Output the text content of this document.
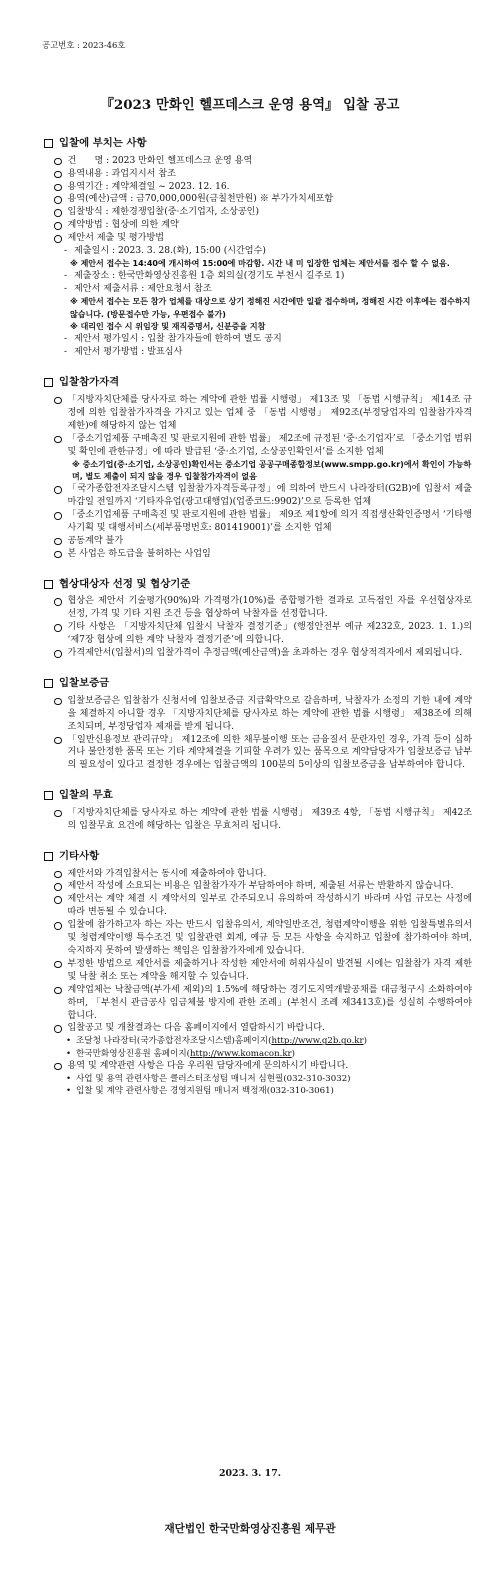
공고번호 : 2023-46호
『2023 만화인 헬프데스크 운영 용역』 입찰 공고
입찰에 부치는 사항
건　　명 : 2023 만화인 헬프데스크 운영 용역
용역내용 : 과업지시서 참조
용역기간 : 계약체결일 ~ 2023. 12. 16.
용역(예산)금액 : 금70,000,000원(금칠천만원) ※ 부가가치세포함
입찰방식 : 제한경쟁입찰(중·소기업자, 소상공인)
계약방법 : 협상에 의한 계약
제안서 제출 및 평가방법
- 제출일시 : 2023. 3. 28.(화), 15:00 (시간엄수)
※ 제안서 접수는 14:40에 개시하여 15:00에 마감함. 시간 내 미 입장한 업체는 제안서를 접수 할 수 없음.
- 제출장소 : 한국만화영상진흥원 1층 회의실(경기도 부천시 길주로 1)
- 제안서 제출서류 : 제안요청서 참조
※ 제안서 접수는 모든 참가 업체를 대상으로 상기 정해진 시간에만 일괄 접수하며, 정해진 시간 이후에는 접수하지 않습니다. (방문접수만 가능, 우편접수 불가)
※ 대리인 접수 시 위임장 및 재직증명서, 신분증을 지참
- 제안서 평가일시 : 입찰 참가자들에 한하여 별도 공지
- 제안서 평가방법 : 발표심사
입찰참가자격
「지방자치단체를 당사자로 하는 계약에 관한 법률 시행령」 제13조 및 「동법 시행규칙」 제14조 규정에 의한 입찰참가자격을 가지고 있는 업체 중 「동법 시행령」 제92조(부정당업자의 입찰참가자격제한)에 해당하지 않는 업체
「중소기업제품 구매촉진 및 판로지원에 관한 법률」 제2조에 규정된 ‘중·소기업자’로 「중소기업 범위 및 확인에 관한규정」에 따라 발급된 ‘중·소기업, 소상공인확인서’를 소지한 업체
※ 중소기업(중·소기업, 소상공인)확인서는 중소기업 공공구매종합정보(www.smpp.go.kr)에서 확인이 가능하며, 별도 제출이 되지 않을 경우 입찰참가자격이 없음
「국가종합전자조달시스템 입찰참가자격등록규정」에 의하여 반드시 나라장터(G2B)에 입찰서 제출 마감일 전일까지 ‘기타자유업(광고대행업)(업종코드:9902)’으로 등록한 업체
「중소기업제품 구매촉진 및 판로지원에 관한 법률」 제9조 제1항에 의거 직접생산확인증명서 ‘기타행사기획 및 대행서비스(세부품명번호: 801419001)’를 소지한 업체
공동계약 불가
본 사업은 하도급을 불허하는 사업임
협상대상자 선정 및 협상기준
협상은 제안서 기술평가(90%)와 가격평가(10%)를 종합평가한 결과로 고득점인 자를 우선협상자로 선정, 가격 및 기타 지원 조건 등을 협상하여 낙찰자를 선정합니다.
기타 사항은 「지방자치단체 입찰시 낙찰자 결정기준」(행정안전부 예규 제232호, 2023. 1. 1.)의 ‘제7장 협상에 의한 계약 낙찰자 결정기준’에 의합니다.
가격제안서(입찰서)의 입찰가격이 추정금액(예산금액)을 초과하는 경우 협상적격자에서 제외됩니다.
입찰보증금
입찰보증금은 입찰참가 신청서에 입찰보증금 지급확약으로 갈음하며, 낙찰자가 소정의 기한 내에 계약을 체결하지 아니할 경우 「지방자치단체를 당사자로 하는 계약에 관한 법률 시행령」 제38조에 의해 조치되며, 부정당업자 제재를 받게 됩니다.
「일반신용정보 관리규약」 제12조에 의한 채무불이행 또는 금융질서 문란자인 경우, 가격 등이 심하거나 불안정한 품목 또는 기타 계약체결을 기피할 우려가 있는 품목으로 계약담당자가 입찰보증금 납부의 필요성이 있다고 결정한 경우에는 입찰금액의 100분의 5이상의 입찰보증금을 납부하여야 합니다.
입찰의 무효
「지방자치단체를 당사자로 하는 계약에 관한 법률 시행령」 제39조 4항, 「동법 시행규칙」 제42조의 입찰무효 요건에 해당하는 입찰은 무효처리 됩니다.
기타사항
제안서와 가격입찰서는 동시에 제출하여야 합니다.
제안서 작성에 소요되는 비용은 입찰참가자가 부담하여야 하며, 제출된 서류는 반환하지 않습니다.
제안서는 계약 체결 시 계약서의 일부로 간주되오니 유의하여 작성하시기 바라며 사업 규모는 사정에 따라 변동될 수 있습니다.
입찰에 참가하고자 하는 자는 반드시 입찰유의서, 계약일반조건, 청렴계약이행을 위한 입찰특별유의서 및 청렴계약이행 특수조건 및 입찰관련 회계, 예규 등 모든 사항을 숙지하고 입찰에 참가하여야 하며, 숙지하지 못하여 발생하는 책임은 입찰참가자에게 있습니다.
부정한 방법으로 제안서를 제출하거나 작성한 제안서에 허위사실이 발견될 시에는 입찰참가 자격 제한 및 낙찰 취소 또는 계약을 해지할 수 있습니다.
계약업체는 낙찰금액(부가세 제외)의 1.5%에 해당하는 경기도지역개발공채를 대금청구시 소화하여야 하며, 「부천시 관급공사 임금체불 방지에 관한 조례」(부천시 조례 제3413호)를 성실히 수행하여야 합니다.
입찰공고 및 개찰결과는 다음 홈페이지에서 열람하시기 바랍니다.
• 조달청 나라장터(국가종합전자조달시스템)홈페이지(http://www.g2b.go.kr)
• 한국만화영상진흥원 홈페이지(http://www.komacon.kr)
용역 및 계약관련 사항은 다음 우리원 담당자에게 문의하시기 바랍니다.
• 사업 및 용역 관련사항은 클러스터조성팀 매니저 심현필(032-310-3032)
• 입찰 및 계약 관련사항은 경영지원팀 매니저 백정재(032-310-3061)
2023. 3. 17.
재단법인 한국만화영상진흥원 제무관
